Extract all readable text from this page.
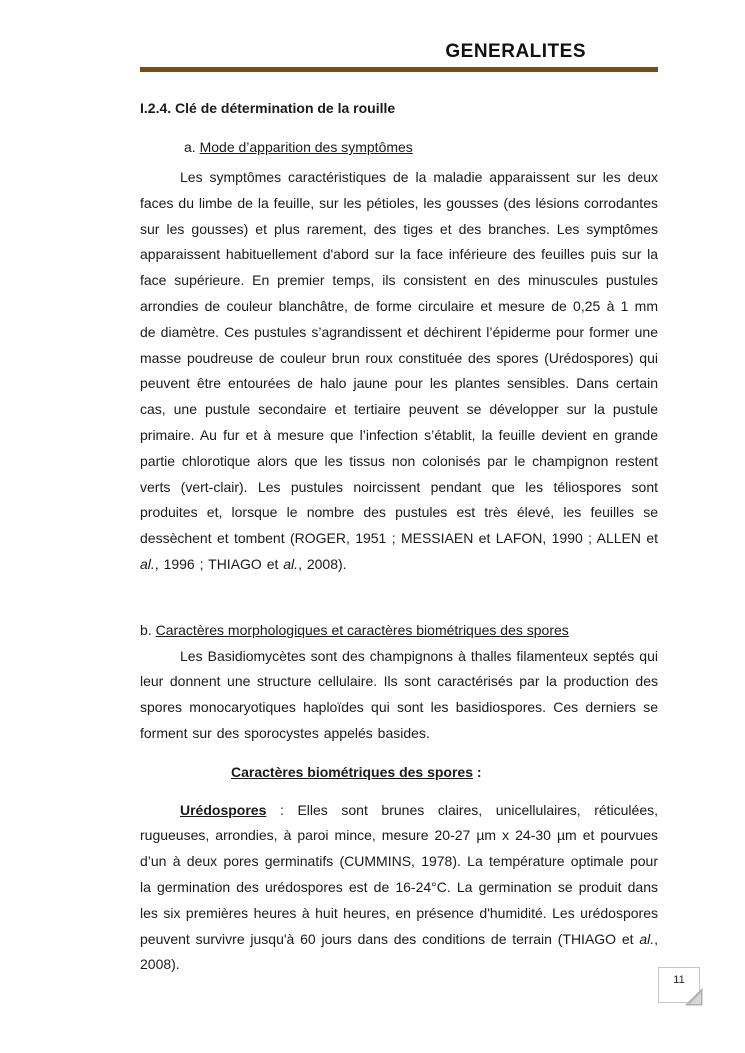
GENERALITES
I.2.4. Clé de détermination de la rouille
a. Mode d’apparition des symptômes

Les symptômes caractéristiques de la maladie apparaissent sur les deux faces du limbe de la feuille, sur les pétioles, les gousses (des lésions corrodantes sur les gousses) et plus rarement, des tiges et des branches. Les symptômes apparaissent habituellement d'abord sur la face inférieure des feuilles puis sur la face supérieure. En premier temps, ils consistent en des minuscules pustules arrondies de couleur blanchâtre, de forme circulaire et mesure de 0,25 à 1 mm de diamètre. Ces pustules s’agrandissent et déchirent l’épiderme pour former une masse poudreuse de couleur brun roux constituée des spores (Urédospores) qui peuvent être entourées de halo jaune pour les plantes sensibles. Dans certain cas, une pustule secondaire et tertiaire peuvent se développer sur la pustule primaire. Au fur et à mesure que l’infection s’établit, la feuille devient en grande partie chlorotique alors que les tissus non colonisés par le champignon restent verts (vert-clair). Les pustules noircissent pendant que les téliospores sont produites et, lorsque le nombre des pustules est très élevé, les feuilles se dessèchent et tombent (ROGER, 1951 ; MESSIAEN et LAFON, 1990 ; ALLEN et al., 1996 ; THIAGO et al., 2008).

b. Caractères morphologiques et caractères biométriques des spores

Les Basidiomycètes sont des champignons à thalles filamenteux septés qui leur donnent une structure cellulaire. Ils sont caractérisés par la production des spores monocaryotiques haploïdes qui sont les basidiospores. Ces derniers se forment sur des sporocystes appelés basides.

Caractères biométriques des spores :

Urédospores : Elles sont brunes claires, unicellulaires, réticulées, rugueuses, arrondies, à paroi mince, mesure 20-27 µm x 24-30 µm et pourvues d’un à deux pores germinatifs (CUMMINS, 1978). La température optimale pour la germination des urédospores est de 16-24°C. La germination se produit dans les six premières heures à huit heures, en présence d'humidité. Les urédospores peuvent survivre jusqu'à 60 jours dans des conditions de terrain (THIAGO et al., 2008).

11
